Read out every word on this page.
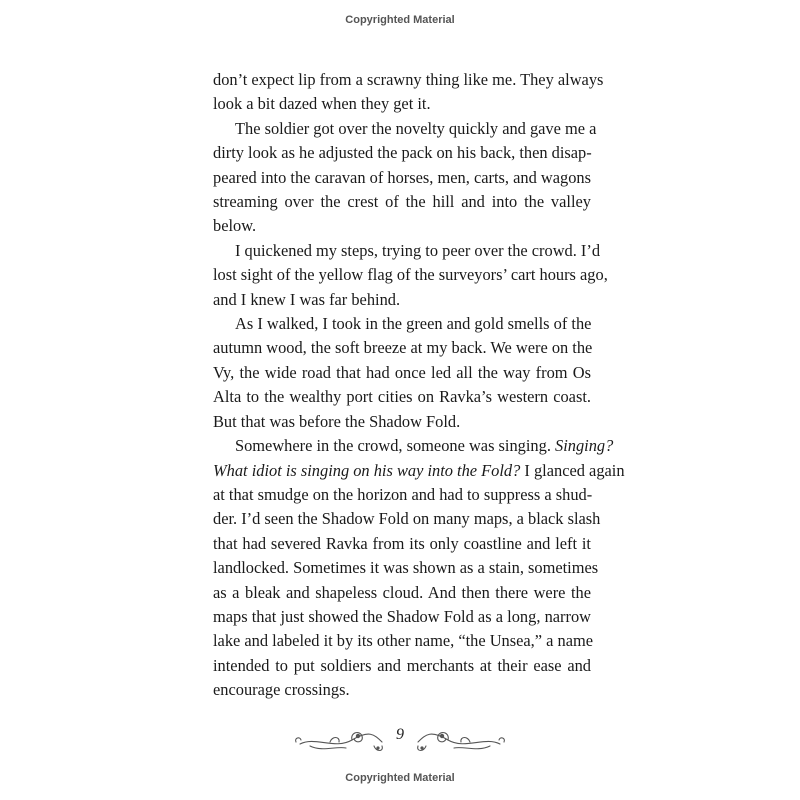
Copyrighted Material
don’t expect lip from a scrawny thing like me. They always
look a bit dazed when they get it.
The soldier got over the novelty quickly and gave me a
dirty look as he adjusted the pack on his back, then disap-
peared into the caravan of horses, men, carts, and wagons
streaming over the crest of the hill and into the valley
below.
I quickened my steps, trying to peer over the crowd. I’d
lost sight of the yellow flag of the surveyors’ cart hours ago,
and I knew I was far behind.
As I walked, I took in the green and gold smells of the
autumn wood, the soft breeze at my back. We were on the
Vy, the wide road that had once led all the way from Os
Alta to the wealthy port cities on Ravka’s western coast.
But that was before the Shadow Fold.
Somewhere in the crowd, someone was singing. Singing?
What idiot is singing on his way into the Fold? I glanced again
at that smudge on the horizon and had to suppress a shud-
der. I’d seen the Shadow Fold on many maps, a black slash
that had severed Ravka from its only coastline and left it
landlocked. Sometimes it was shown as a stain, sometimes
as a bleak and shapeless cloud. And then there were the
maps that just showed the Shadow Fold as a long, narrow
lake and labeled it by its other name, “the Unsea,” a name
intended to put soldiers and merchants at their ease and
encourage crossings.
9
Copyrighted Material
